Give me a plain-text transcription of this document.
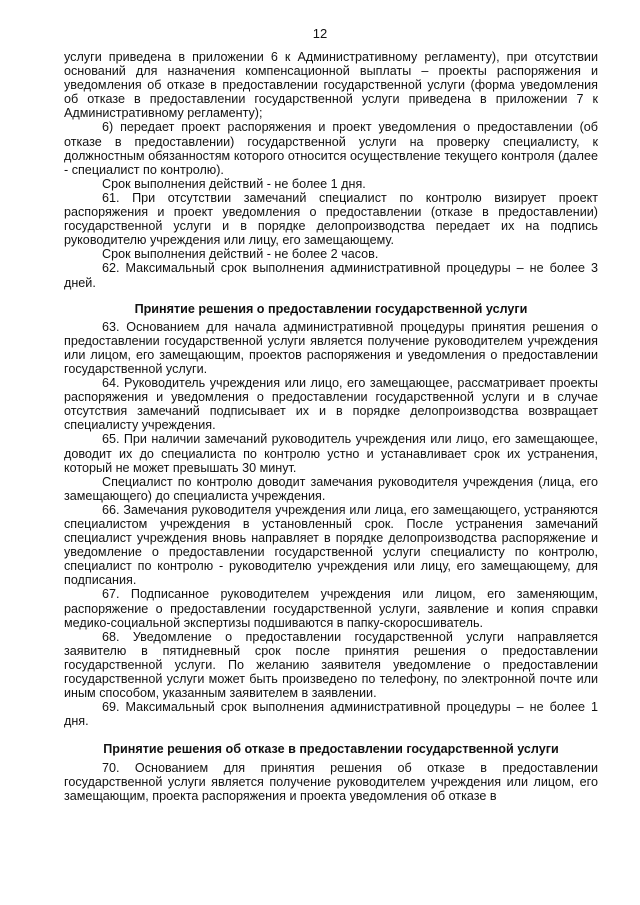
12

услуги приведена в приложении 6 к Административному регламенту), при отсутствии оснований для назначения компенсационной выплаты – проекты распоряжения и уведомления об отказе в предоставлении государственной услуги (форма уведомления об отказе в предоставлении государственной услуги приведена в приложении 7 к Административному регламенту);

6) передает проект распоряжения и проект уведомления о предоставлении (об отказе в предоставлении) государственной услуги на проверку специалисту, к должностным обязанностям которого относится осуществление текущего контроля (далее - специалист по контролю).

Срок выполнения действий - не более 1 дня.

61. При отсутствии замечаний специалист по контролю визирует проект распоряжения и проект уведомления о предоставлении (отказе в предоставлении) государственной услуги и в порядке делопроизводства передает их на подпись руководителю учреждения или лицу, его замещающему.

Срок выполнения действий - не более 2 часов.

62. Максимальный срок выполнения административной процедуры – не более 3 дней.

Принятие решения о предоставлении государственной услуги

63. Основанием для начала административной процедуры принятия решения о предоставлении государственной услуги является получение руководителем учреждения или лицом, его замещающим, проектов распоряжения и уведомления о предоставлении государственной услуги.

64. Руководитель учреждения или лицо, его замещающее, рассматривает проекты распоряжения и уведомления о предоставлении государственной услуги и в случае отсутствия замечаний подписывает их и в порядке делопроизводства возвращает специалисту учреждения.

65. При наличии замечаний руководитель учреждения или лицо, его замещающее, доводит их до специалиста по контролю устно и устанавливает срок их устранения, который не может превышать 30 минут.

Специалист по контролю доводит замечания руководителя учреждения (лица, его замещающего) до специалиста учреждения.

66. Замечания руководителя учреждения или лица, его замещающего, устраняются специалистом учреждения в установленный срок. После устранения замечаний специалист учреждения вновь направляет в порядке делопроизводства распоряжение и уведомление о предоставлении государственной услуги специалисту по контролю, специалист по контролю - руководителю учреждения или лицу, его замещающему, для подписания.

67. Подписанное руководителем учреждения или лицом, его заменяющим, распоряжение о предоставлении государственной услуги, заявление и копия справки медико-социальной экспертизы подшиваются в папку-скоросшиватель.

68. Уведомление о предоставлении государственной услуги направляется заявителю в пятидневный срок после принятия решения о предоставлении государственной услуги. По желанию заявителя уведомление о предоставлении государственной услуги может быть произведено по телефону, по электронной почте или иным способом, указанным заявителем в заявлении.

69. Максимальный срок выполнения административной процедуры – не более 1 дня.

Принятие решения об отказе в предоставлении государственной услуги

70. Основанием для принятия решения об отказе в предоставлении государственной услуги является получение руководителем учреждения или лицом, его замещающим, проекта распоряжения и проекта уведомления об отказе в
